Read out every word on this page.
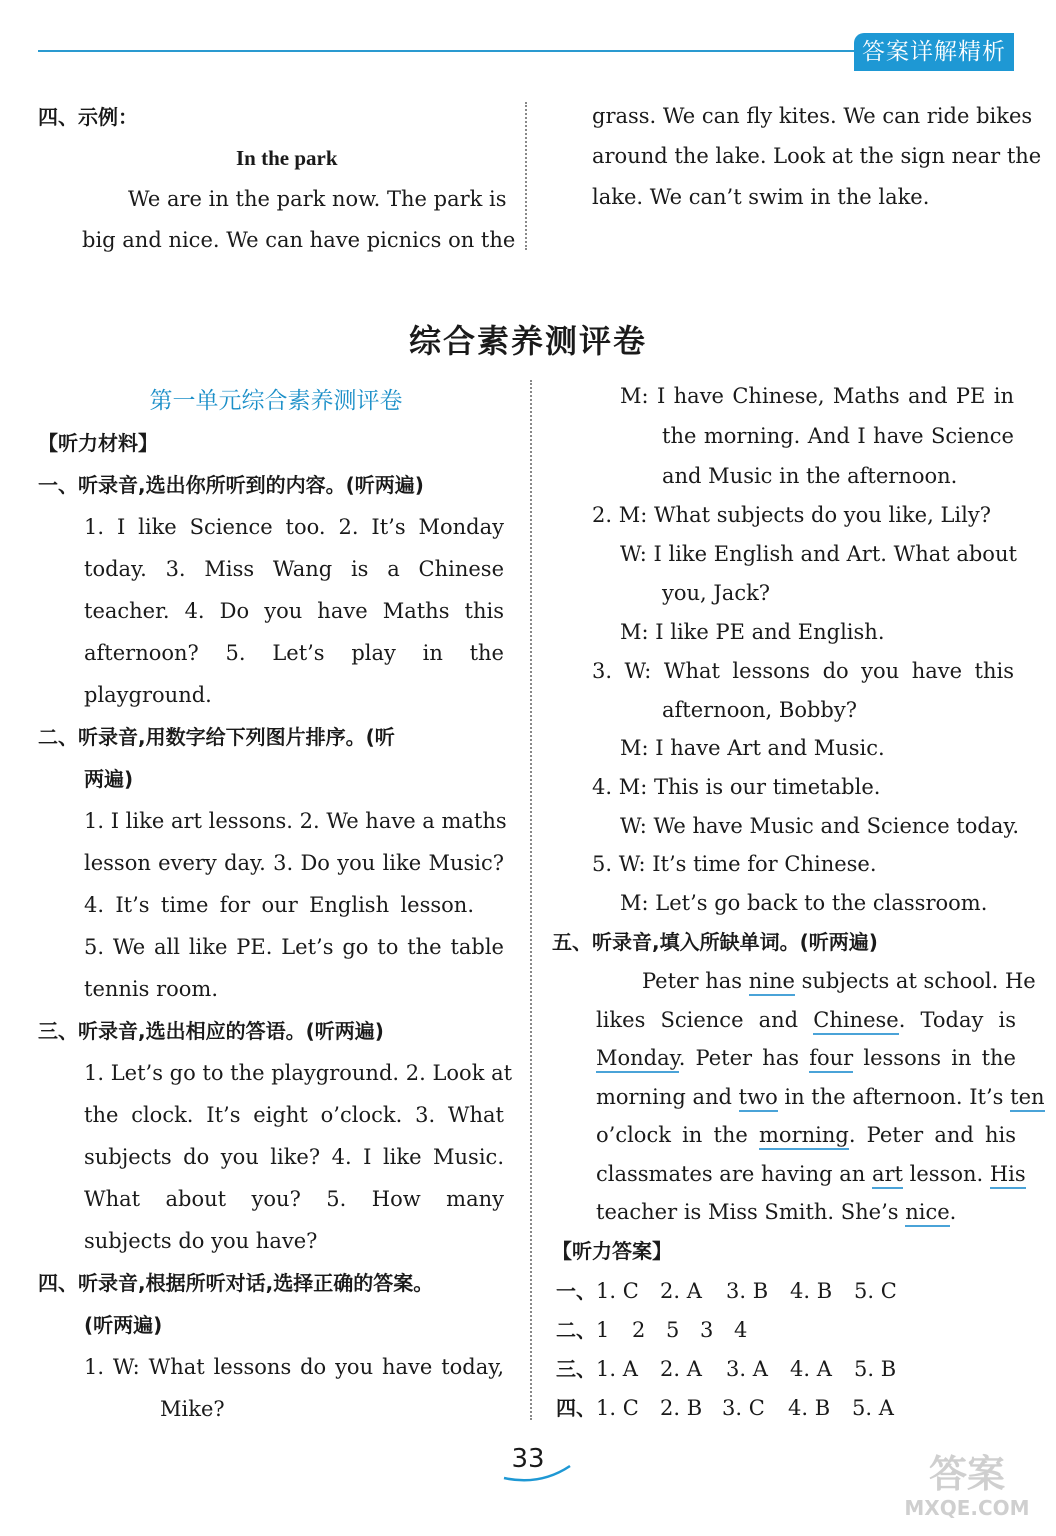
答案详解精析
四、示例：
In the park
We are in the park now. The park is
big and nice. We can have picnics on the
grass. We can fly kites. We can ride bikes
around the lake. Look at the sign near the
lake. We can’t swim in the lake.
综合素养测评卷
第一单元综合素养测评卷
【听力材料】
一、听录音,选出你所听到的内容。(听两遍)
1. I like Science too. 2. It’s Monday
today. 3. Miss Wang is a Chinese
teacher. 4. Do you have Maths this
afternoon? 5. Let’s play in the
playground.
二、听录音,用数字给下列图片排序。(听
两遍)
1. I like art lessons. 2. We have a maths
lesson every day. 3. Do you like Music?
4. It’s time for our English lesson.
5. We all like PE. Let’s go to the table
tennis room.
三、听录音,选出相应的答语。(听两遍)
1. Let’s go to the playground. 2. Look at
the clock. It’s eight o’clock. 3. What
subjects do you like? 4. I like Music.
What about you? 5. How many
subjects do you have?
四、听录音,根据所听对话,选择正确的答案。
(听两遍)
1. W: What lessons do you have today,
Mike?
M: I have Chinese, Maths and PE in
the morning. And I have Science
and Music in the afternoon.
2. M: What subjects do you like, Lily?
W: I like English and Art. What about
you, Jack?
M: I like PE and English.
3. W: What lessons do you have this
afternoon, Bobby?
M: I have Art and Music.
4. M: This is our timetable.
W: We have Music and Science today.
5. W: It’s time for Chinese.
M: Let’s go back to the classroom.
五、听录音,填入所缺单词。(听两遍)
Peter has nine subjects at school. He
likes Science and Chinese. Today is
Monday. Peter has four lessons in the
morning and two in the afternoon. It’s ten
o’clock in the morning. Peter and his
classmates are having an art lesson. His
teacher is Miss Smith. She’s nice.
【听力答案】
一、 1. C 2. A 3. B 4. B 5. C
二、 1 2 5 3 4
三、 1. A 2. A 3. A 4. A 5. B
四、 1. C 2. B 3. C 4. B 5. A
33	答案
MXQE.COM
